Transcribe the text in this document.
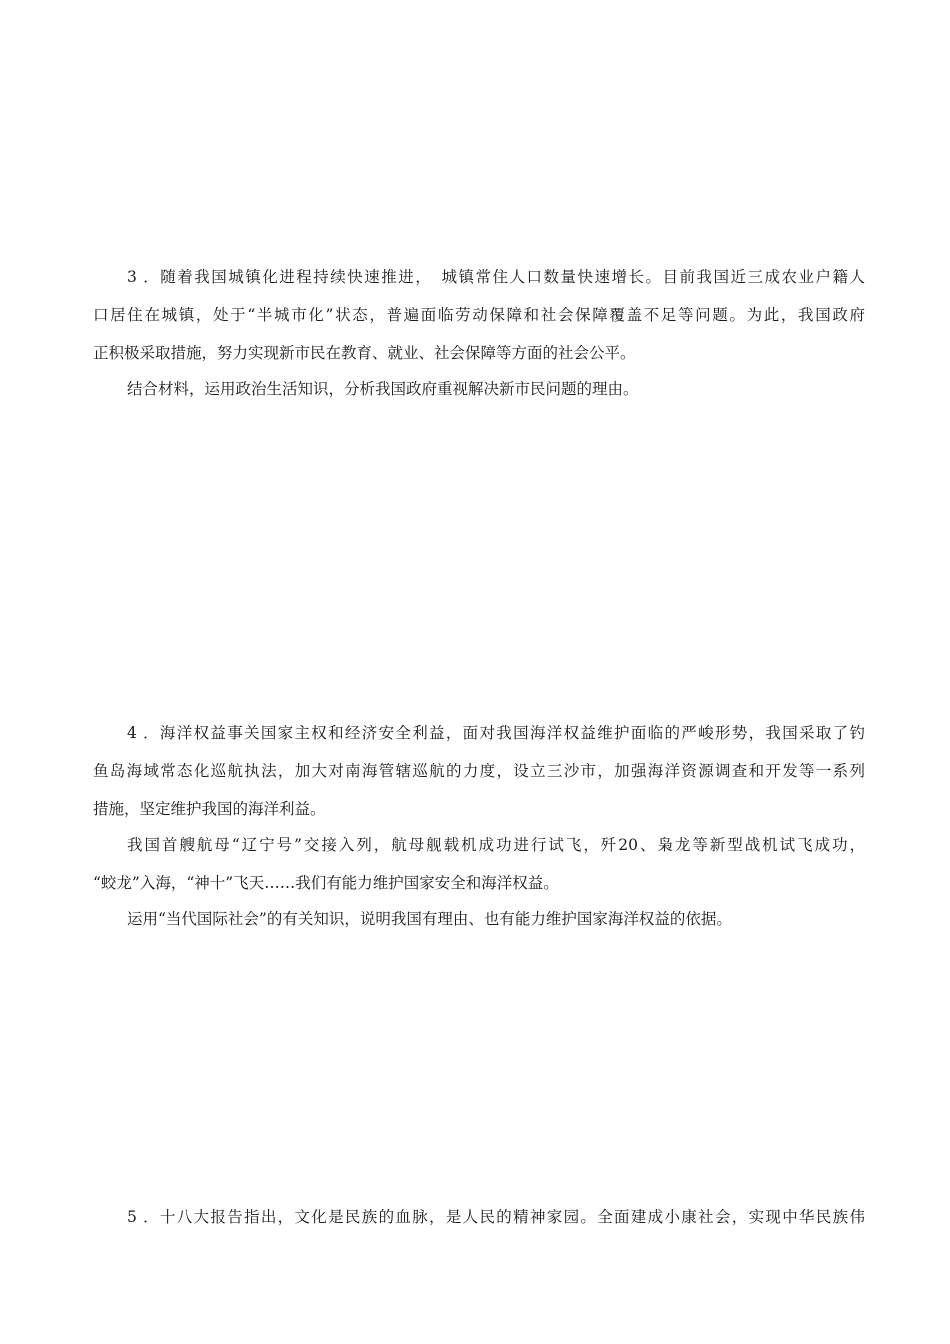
3 ．随着我国城镇化进程持续快速推进，　城镇常住人口数量快速增长。目前我国近三成农业户籍人

口居住在城镇，处于“半城市化”状态，普遍面临劳动保障和社会保障覆盖不足等问题。为此，我国政府

正积极采取措施，努力实现新市民在教育、就业、社会保障等方面的社会公平。

结合材料，运用政治生活知识，分析我国政府重视解决新市民问题的理由。

4 ．海洋权益事关国家主权和经济安全利益，面对我国海洋权益维护面临的严峻形势，我国采取了钓

鱼岛海域常态化巡航执法，加大对南海管辖巡航的力度，设立三沙市，加强海洋资源调查和开发等一系列

措施，坚定维护我国的海洋利益。

我国首艘航母“辽宁号”交接入列，航母舰载机成功进行试飞，歼20、枭龙等新型战机试飞成功，

“蛟龙”入海，“神十”飞天……我们有能力维护国家安全和海洋权益。

运用“当代国际社会”的有关知识，说明我国有理由、也有能力维护国家海洋权益的依据。

5 ．十八大报告指出，文化是民族的血脉，是人民的精神家园。全面建成小康社会，实现中华民族伟
